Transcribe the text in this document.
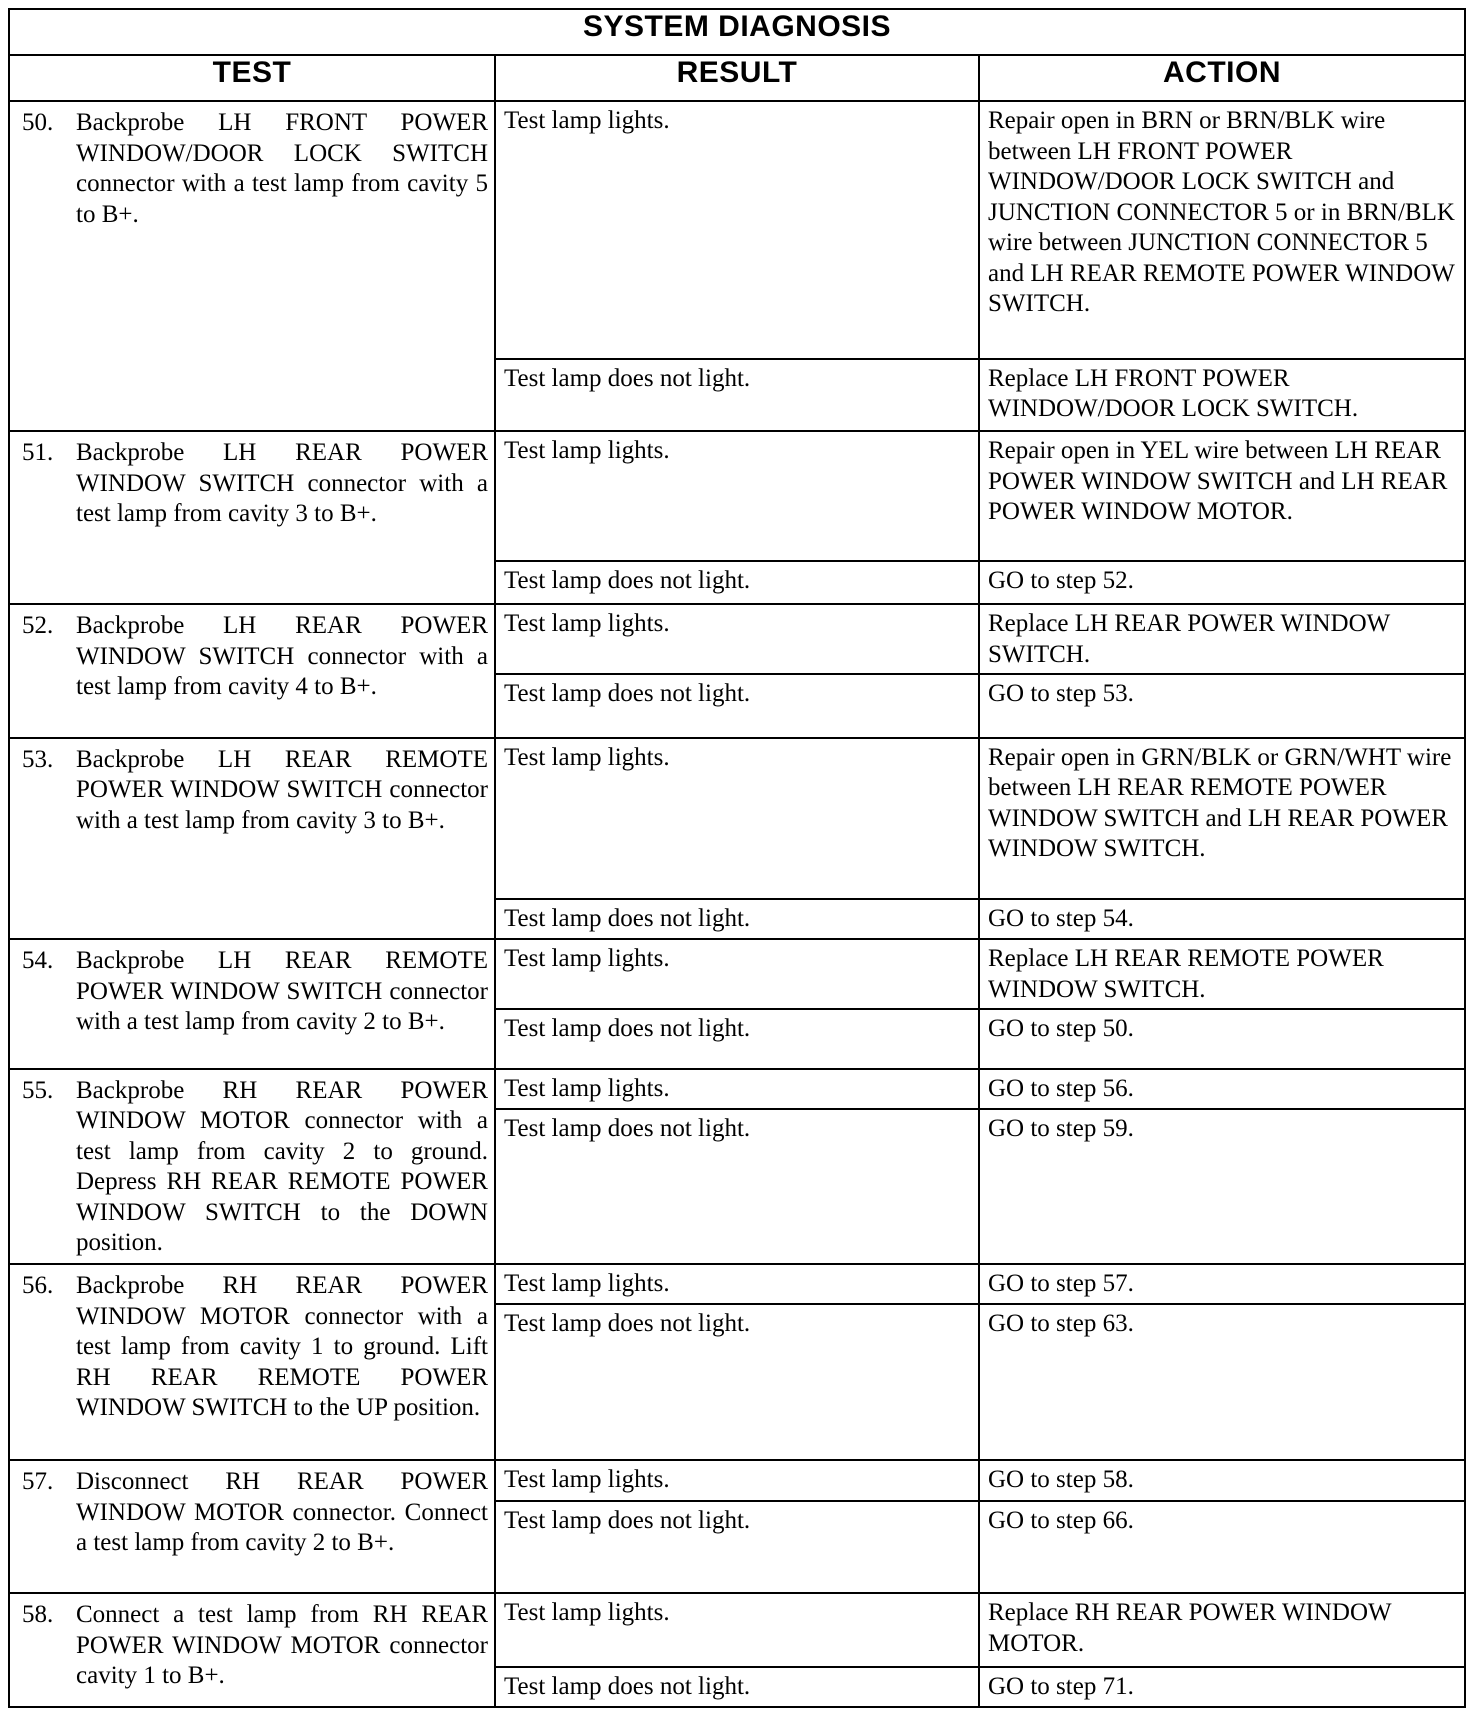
SYSTEM DIAGNOSIS		
TEST	RESULT	ACTION

50. Backprobe LH FRONT POWER WINDOW/DOOR LOCK SWITCH connector with a test lamp from cavity 5 to B+.	Test lamp lights.	Repair open in BRN or BRN/BLK wire between LH FRONT POWER WINDOW/DOOR LOCK SWITCH and JUNCTION CONNECTOR 5 or in BRN/BLK wire between JUNCTION CONNECTOR 5 and LH REAR REMOTE POWER WINDOW SWITCH.
	Test lamp does not light.	Replace LH FRONT POWER WINDOW/DOOR LOCK SWITCH.

51. Backprobe LH REAR POWER WINDOW SWITCH connector with a test lamp from cavity 3 to B+.	Test lamp lights.	Repair open in YEL wire between LH REAR POWER WINDOW SWITCH and LH REAR POWER WINDOW MOTOR.
	Test lamp does not light.	GO to step 52.

52. Backprobe LH REAR POWER WINDOW SWITCH connector with a test lamp from cavity 4 to B+.	Test lamp lights.	Replace LH REAR POWER WINDOW SWITCH.
	Test lamp does not light.	GO to step 53.

53. Backprobe LH REAR REMOTE POWER WINDOW SWITCH connector with a test lamp from cavity 3 to B+.	Test lamp lights.	Repair open in GRN/BLK or GRN/WHT wire between LH REAR REMOTE POWER WINDOW SWITCH and LH REAR POWER WINDOW SWITCH.
	Test lamp does not light.	GO to step 54.

54. Backprobe LH REAR REMOTE POWER WINDOW SWITCH connector with a test lamp from cavity 2 to B+.	Test lamp lights.	Replace LH REAR REMOTE POWER WINDOW SWITCH.
	Test lamp does not light.	GO to step 50.

55. Backprobe RH REAR POWER WINDOW MOTOR connector with a test lamp from cavity 2 to ground. Depress RH REAR REMOTE POWER WINDOW SWITCH to the DOWN position.	Test lamp lights.	GO to step 56.
	Test lamp does not light.	GO to step 59.

56. Backprobe RH REAR POWER WINDOW MOTOR connector with a test lamp from cavity 1 to ground. Lift RH REAR REMOTE POWER WINDOW SWITCH to the UP position.	Test lamp lights.	GO to step 57.
	Test lamp does not light.	GO to step 63.

57. Disconnect RH REAR POWER WINDOW MOTOR connector. Connect a test lamp from cavity 2 to B+.	Test lamp lights.	GO to step 58.
	Test lamp does not light.	GO to step 66.

58. Connect a test lamp from RH REAR POWER WINDOW MOTOR connector cavity 1 to B+.	Test lamp lights.	Replace RH REAR POWER WINDOW MOTOR.
	Test lamp does not light.	GO to step 71.
